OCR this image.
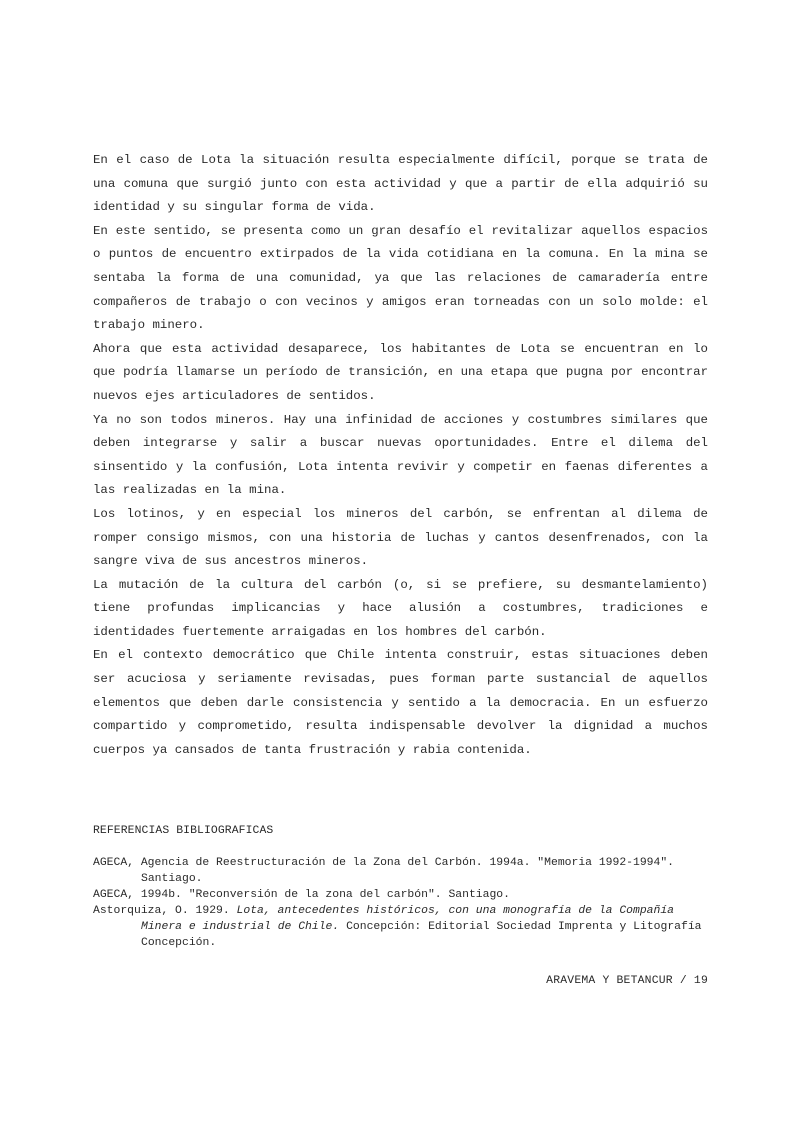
En el caso de Lota la situación resulta especialmente difícil, porque se trata de una comuna que surgió junto con esta actividad y que a partir de ella adquirió su identidad y su singular forma de vida.

En este sentido, se presenta como un gran desafío el revitalizar aquellos espacios o puntos de encuentro extirpados de la vida cotidiana en la comuna. En la mina se sentaba la forma de una comunidad, ya que las relaciones de camaradería entre compañeros de trabajo o con vecinos y amigos eran torneadas con un solo molde: el trabajo minero.

Ahora que esta actividad desaparece, los habitantes de Lota se encuentran en lo que podría llamarse un período de transición, en una etapa que pugna por encontrar nuevos ejes articuladores de sentidos.

Ya no son todos mineros. Hay una infinidad de acciones y costumbres similares que deben integrarse y salir a buscar nuevas oportunidades. Entre el dilema del sinsentido y la confusión, Lota intenta revivir y competir en faenas diferentes a las realizadas en la mina.

Los lotinos, y en especial los mineros del carbón, se enfrentan al dilema de romper consigo mismos, con una historia de luchas y cantos desenfrenados, con la sangre viva de sus ancestros mineros.

La mutación de la cultura del carbón (o, si se prefiere, su desmantelamiento) tiene profundas implicancias y hace alusión a costumbres, tradiciones e identidades fuertemente arraigadas en los hombres del carbón.

En el contexto democrático que Chile intenta construir, estas situaciones deben ser acuciosa y seriamente revisadas, pues forman parte sustancial de aquellos elementos que deben darle consistencia y sentido a la democracia. En un esfuerzo compartido y comprometido, resulta indispensable devolver la dignidad a muchos cuerpos ya cansados de tanta frustración y rabia contenida.

REFERENCIAS BIBLIOGRAFICAS

AGECA, Agencia de Reestructuración de la Zona del Carbón. 1994a. "Memoria 1992-1994". Santiago.

AGECA, 1994b. "Reconversión de la zona del carbón". Santiago.

Astorquiza, O. 1929. Lota, antecedentes históricos, con una monografía de la Compañía Minera e industrial de Chile. Concepción: Editorial Sociedad Imprenta y Litografía Concepción.

ARAVEMA Y BETANCUR / 19
